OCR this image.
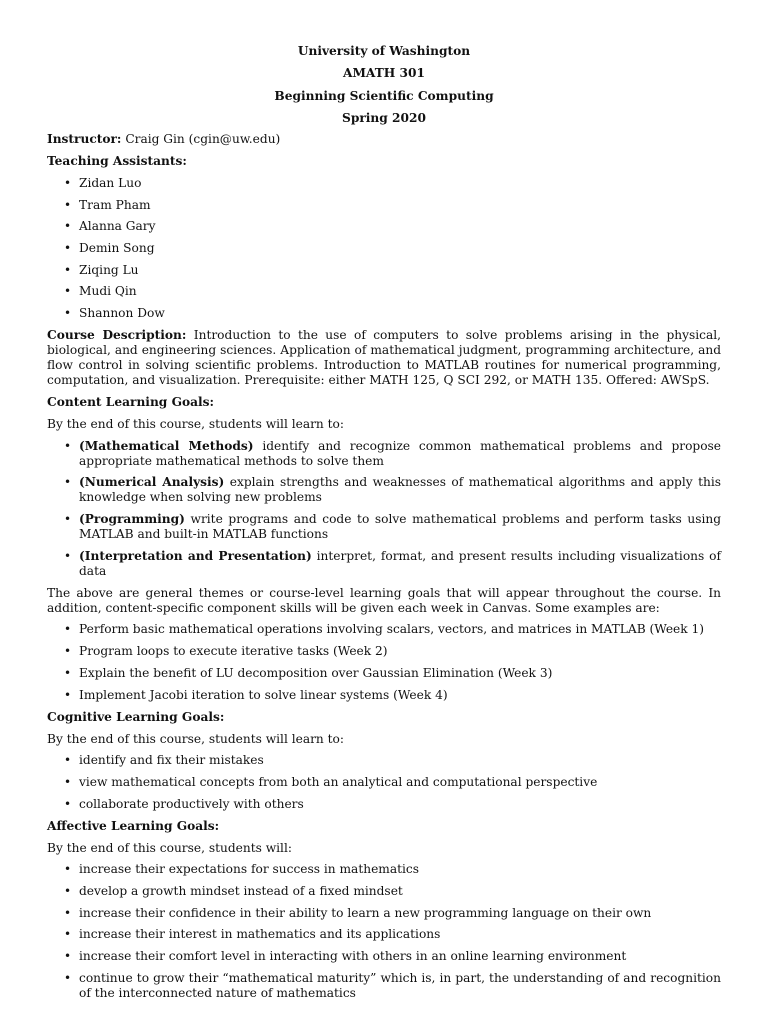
University of Washington
AMATH 301
Beginning Scientific Computing
Spring 2020

Instructor: Craig Gin (cgin@uw.edu)

Teaching Assistants:

• Zidan Luo
• Tram Pham
• Alanna Gary
• Demin Song
• Ziqing Lu
• Mudi Qin
• Shannon Dow

Course Description: Introduction to the use of computers to solve problems arising in the physical, biological, and engineering sciences. Application of mathematical judgment, programming architecture, and flow control in solving scientific problems. Introduction to MATLAB routines for numerical programming, computation, and visualization. Prerequisite: either MATH 125, Q SCI 292, or MATH 135. Offered: AWSpS.

Content Learning Goals:

By the end of this course, students will learn to:

• (Mathematical Methods) identify and recognize common mathematical problems and propose appropriate mathematical methods to solve them
• (Numerical Analysis) explain strengths and weaknesses of mathematical algorithms and apply this knowledge when solving new problems
• (Programming) write programs and code to solve mathematical problems and perform tasks using MATLAB and built-in MATLAB functions
• (Interpretation and Presentation) interpret, format, and present results including visualizations of data

The above are general themes or course-level learning goals that will appear throughout the course. In addition, content-specific component skills will be given each week in Canvas. Some examples are:

• Perform basic mathematical operations involving scalars, vectors, and matrices in MATLAB (Week 1)
• Program loops to execute iterative tasks (Week 2)
• Explain the benefit of LU decomposition over Gaussian Elimination (Week 3)
• Implement Jacobi iteration to solve linear systems (Week 4)

Cognitive Learning Goals:

By the end of this course, students will learn to:

• identify and fix their mistakes
• view mathematical concepts from both an analytical and computational perspective
• collaborate productively with others

Affective Learning Goals:

By the end of this course, students will:

• increase their expectations for success in mathematics
• develop a growth mindset instead of a fixed mindset
• increase their confidence in their ability to learn a new programming language on their own
• increase their interest in mathematics and its applications
• increase their comfort level in interacting with others in an online learning environment
• continue to grow their “mathematical maturity” which is, in part, the understanding of and recognition of the interconnected nature of mathematics
